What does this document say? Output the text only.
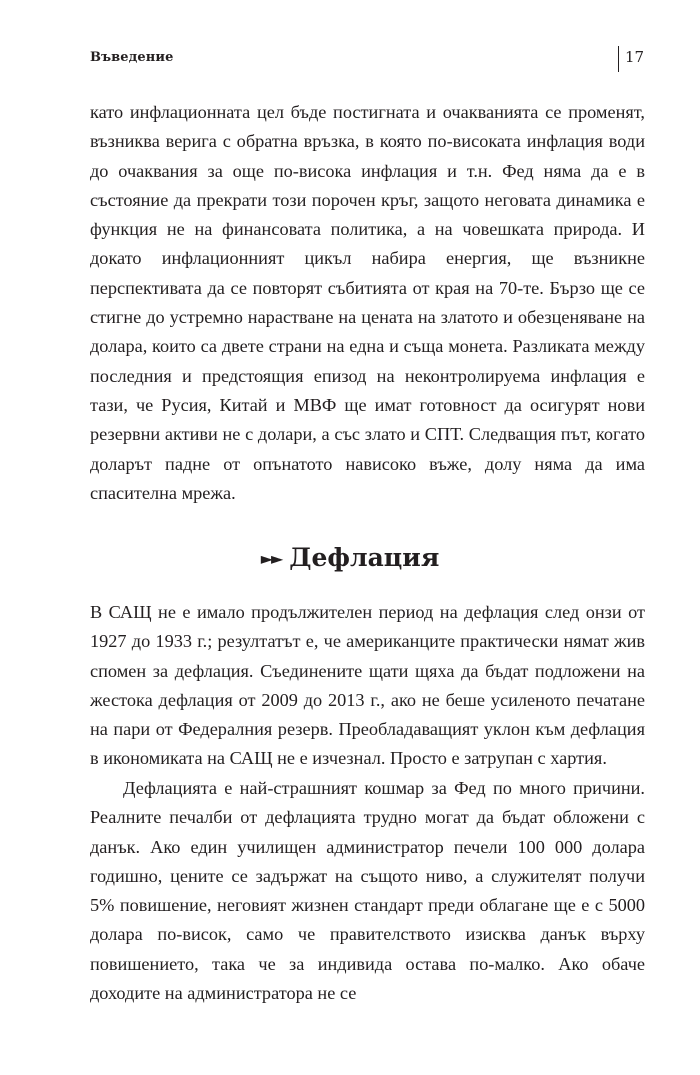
Въведение	17

като инфлационната цел бъде постигната и очакванията се променят, възниква верига с обратна връзка, в която по-високата инфлация води до очаквания за още по-висока инфлация и т.н. Фед няма да е в състояние да прекрати този порочен кръг, защото неговата динамика е функция не на финансовата политика, а на човешката природа. И докато инфлационният цикъл набира енергия, ще възникне перспективата да се повторят събитията от края на 70-те. Бързо ще се стигне до устремно нарастване на цената на златото и обезценяване на долара, които са двете страни на една и съща монета. Разликата между последния и предстоящия епизод на неконтролируема инфлация е тази, че Русия, Китай и МВФ ще имат готовност да осигурят нови резервни активи не с долари, а със злато и СПТ. Следващия път, когато доларът падне от опънатото нависоко въже, долу няма да има спасителна мрежа.

►► Дефлация

В САЩ не е имало продължителен период на дефлация след онзи от 1927 до 1933 г.; резултатът е, че американците практически нямат жив спомен за дефлация. Съединените щати щяха да бъдат подложени на жестока дефлация от 2009 до 2013 г., ако не беше усиленото печатане на пари от Федералния резерв. Преобладаващият уклон към дефлация в икономиката на САЩ не е изчезнал. Просто е затрупан с хартия.

Дефлацията е най-страшният кошмар за Фед по много причини. Реалните печалби от дефлацията трудно могат да бъдат обложени с данък. Ако един училищен администратор печели 100 000 долара годишно, цените се задържат на същото ниво, а служителят получи 5% повишение, неговият жизнен стандарт преди облагане ще е с 5000 долара по-висок, само че правителството изисква данък върху повишението, така че за индивида остава по-малко. Ако обаче доходите на администратора не се
